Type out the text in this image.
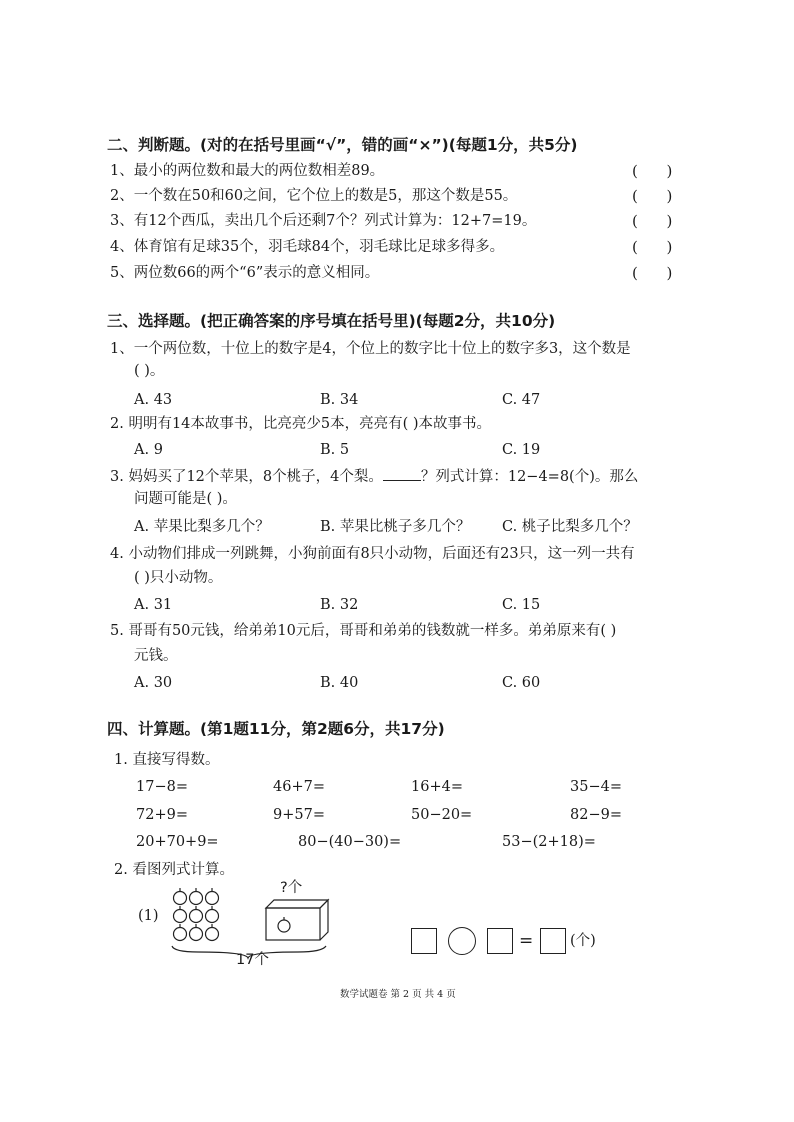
二、判断题。(对的在括号里画“√”，错的画“×”)(每题1分，共5分)
1、最小的两位数和最大的两位数相差89。	(      )
2、一个数在50和60之间，它个位上的数是5，那这个数是55。	(      )
3、有12个西瓜，卖出几个后还剩7个？列式计算为：12+7=19。	(      )
4、体育馆有足球35个，羽毛球84个，羽毛球比足球多得多。	(      )
5、两位数66的两个“6”表示的意义相同。	(      )
三、选择题。(把正确答案的序号填在括号里)(每题2分，共10分)
1、一个两位数，十位上的数字是4，个位上的数字比十位上的数字多3，这个数是
( )。
A. 43	B. 34	C. 47
2. 明明有14本故事书，比亮亮少5本，亮亮有( )本故事书。
A. 9	B. 5	C. 19
3. 妈妈买了12个苹果，8个桃子，4个梨。	？列式计算：12−4=8(个)。那么
问题可能是( )。
A. 苹果比梨多几个？	B. 苹果比桃子多几个？ C. 桃子比梨多几个？
4. 小动物们排成一列跳舞，小狗前面有8只小动物，后面还有23只，这一列一共有
( )只小动物。
A. 31	B. 32	C. 15
5. 哥哥有50元钱，给弟弟10元后，哥哥和弟弟的钱数就一样多。弟弟原来有( )
元钱。
A. 30	B. 40	C. 60
四、计算题。(第1题11分，第2题6分，共17分)
1. 直接写得数。
17−8=	46+7=	16+4=	35−4=
72+9=	9+57=	50−20=	82−9=
20+70+9=	80−(40−30)=	53−(2+18)=
2. 看图列式计算。
(1)
?个
17个
=	(个)
数学试题卷 第 2 页 共 4 页
